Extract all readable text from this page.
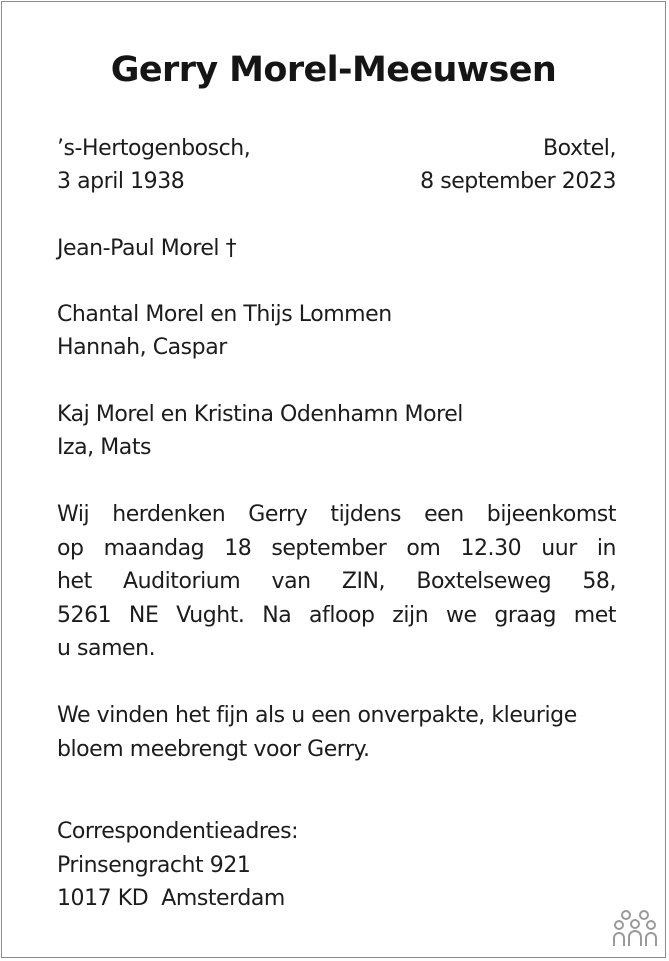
Gerry Morel-Meeuwsen
’s-Hertogenbosch,	Boxtel,
3 april 1938	8 september 2023
Jean-Paul Morel †
Chantal Morel en Thijs Lommen
Hannah, Caspar
Kaj Morel en Kristina Odenhamn Morel
Iza, Mats
Wij herdenken Gerry tijdens een bijeenkomst
op maandag 18 september om 12.30 uur in
het Auditorium van ZIN, Boxtelseweg 58,
5261 NE Vught. Na afloop zijn we graag met
u samen.
We vinden het fijn als u een onverpakte, kleurige
bloem meebrengt voor Gerry.
Correspondentieadres:
Prinsengracht 921
1017 KD  Amsterdam
